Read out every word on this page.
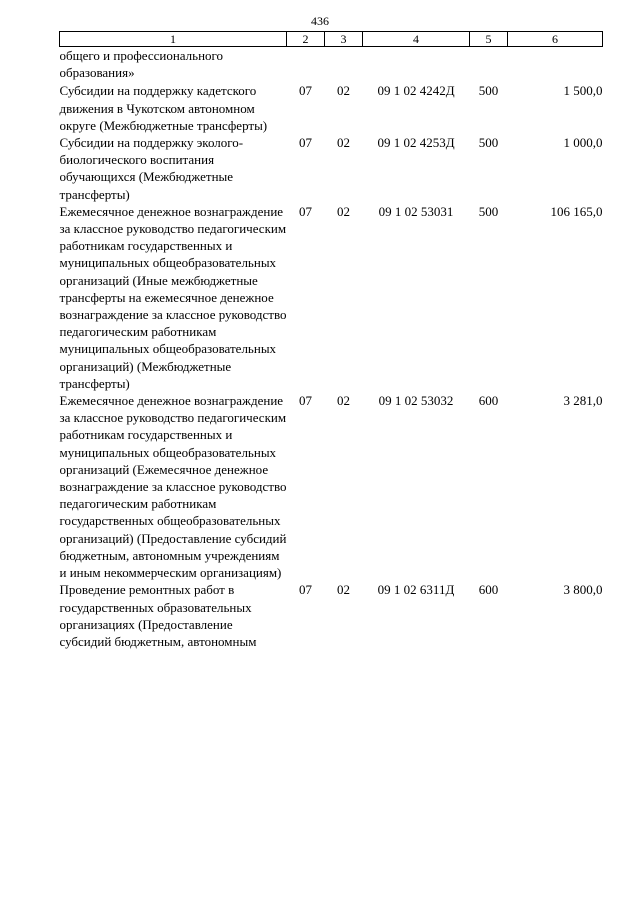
436
1	2	3	4	5	6
общего и профессионального образования»					
Субсидии на поддержку кадетского движения в Чукотском автономном округе (Межбюджетные трансферты)	07	02	09 1 02 4242Д	500	1 500,0
Субсидии на поддержку эколого-биологического воспитания обучающихся (Межбюджетные трансферты)	07	02	09 1 02 4253Д	500	1 000,0
Ежемесячное денежное вознаграждение за классное руководство педагогическим работникам государственных и муниципальных общеобразовательных организаций (Иные межбюджетные трансферты на ежемесячное денежное вознаграждение за классное руководство педагогическим работникам муниципальных общеобразовательных организаций) (Межбюджетные трансферты)	07	02	09 1 02 53031	500	106 165,0
Ежемесячное денежное вознаграждение за классное руководство педагогическим работникам государственных и муниципальных общеобразовательных организаций (Ежемесячное денежное вознаграждение за классное руководство педагогическим работникам государственных общеобразовательных организаций) (Предоставление субсидий бюджетным, автономным учреждениям и иным некоммерческим организациям)	07	02	09 1 02 53032	600	3 281,0
Проведение ремонтных работ в государственных образовательных организациях (Предоставление субсидий бюджетным, автономным	07	02	09 1 02 6311Д	600	3 800,0
